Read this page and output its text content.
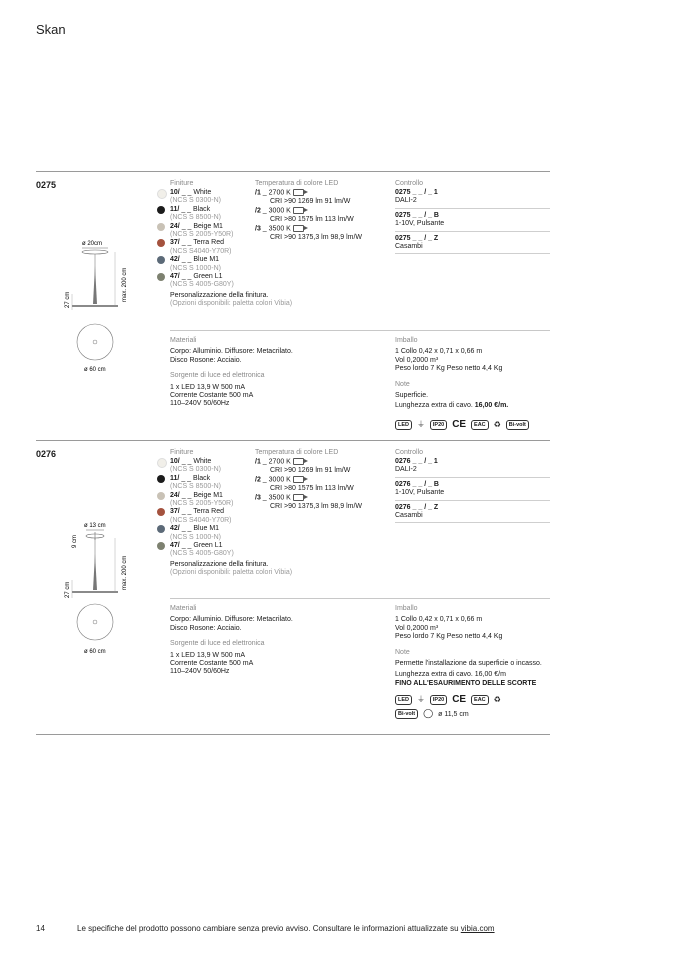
Skan
0275
ø 20cm
max. 200 cm
27 cm
ø 60 cm
Finiture
10/ _ _ White
(NCS S 0300-N)
11/ _ _ Black
(NCS S 8500-N)
24/ _ _ Beige M1
(NCS S 2005-Y50R)
37/ _ _ Terra Red
(NCS S4040-Y70R)
42/ _ _ Blue M1
(NCS S 1000-N)
47/ _ _ Green L1
(NCS S 4005-G80Y)
Personalizzazione della finitura.
(Opzioni disponibili: paletta colori Vibia)
Temperatura di colore LED
/1 _ 2700 K
CRI >90 1269 lm 91 lm/W
/2 _ 3000 K
CRI >80 1575 lm 113 lm/W
/3 _ 3500 K
CRI >90 1375,3 lm 98,9 lm/W
Controllo
0275 _ _ / _ 1
DALI-2
0275 _ _ / _ B
1-10V, Pulsante
0275 _ _ / _ Z
Casambi
Materiali
Corpo: Alluminio. Diffusore: Metacrilato.
Disco Rosone: Acciaio.
Sorgente di luce ed elettronica
1 x LED 13,9 W 500 mA
Corrente Costante 500 mA
110–240V 50/60Hz
Imballo
1 Collo 0,42 x 0,71 x 0,66 m
Vol 0,2000 m³
Peso lordo 7 Kg Peso netto 4,4 Kg
Note
Superficie.
Lunghezza extra di cavo. 16,00 €/m.
LED ⏚ IP20 CE EAC ♻ Bi-volt
0276
ø 13 cm
9 cm
max. 200 cm
27 cm
ø 60 cm
Finiture
10/ _ _ White
(NCS S 0300-N)
11/ _ _ Black
(NCS S 8500-N)
24/ _ _ Beige M1
(NCS S 2005-Y50R)
37/ _ _ Terra Red
(NCS S4040-Y70R)
42/ _ _ Blue M1
(NCS S 1000-N)
47/ _ _ Green L1
(NCS S 4005-G80Y)
Personalizzazione della finitura.
(Opzioni disponibili: paletta colori Vibia)
Temperatura di colore LED
/1 _ 2700 K
CRI >90 1269 lm 91 lm/W
/2 _ 3000 K
CRI >80 1575 lm 113 lm/W
/3 _ 3500 K
CRI >90 1375,3 lm 98,9 lm/W
Controllo
0276 _ _ / _ 1
DALI-2
0276 _ _ / _ B
1-10V, Pulsante
0276 _ _ / _ Z
Casambi
Materiali
Corpo: Alluminio. Diffusore: Metacrilato.
Disco Rosone: Acciaio.
Sorgente di luce ed elettronica
1 x LED 13,9 W 500 mA
Corrente Costante 500 mA
110–240V 50/60Hz
Imballo
1 Collo 0,42 x 0,71 x 0,66 m
Vol 0,2000 m³
Peso lordo 7 Kg Peso netto 4,4 Kg
Note
Permette l'installazione da superficie o incasso.
Lunghezza extra di cavo. 16,00 €/m
FINO ALL'ESAURIMENTO DELLE SCORTE
LED ⏚ IP20 CE EAC ♻
Bi-volt ◯ ø 11,5 cm
14	Le specifiche del prodotto possono cambiare senza previo avviso. Consultare le informazioni attualizzate su vibia.com
